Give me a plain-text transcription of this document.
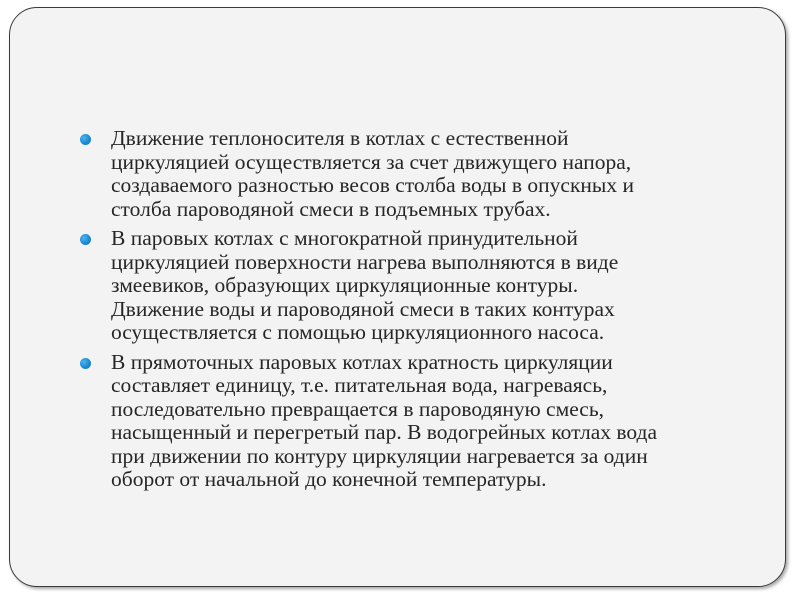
Движение теплоносителя в котлах с естественной
циркуляцией осуществляется за счет движущего напора,
создаваемого разностью весов столба воды в опускных и
столба пароводяной смеси в подъемных трубах.
В паровых котлах с многократной принудительной
циркуляцией поверхности нагрева выполняются в виде
змеевиков, образующих циркуляционные контуры.
Движение воды и пароводяной смеси в таких контурах
осуществляется с помощью циркуляционного насоса.
В прямоточных паровых котлах кратность циркуляции
составляет единицу, т.е. питательная вода, нагреваясь,
последовательно превращается в пароводяную смесь,
насыщенный и перегретый пар. В водогрейных котлах вода
при движении по контуру циркуляции нагревается за один
оборот от начальной до конечной температуры.
